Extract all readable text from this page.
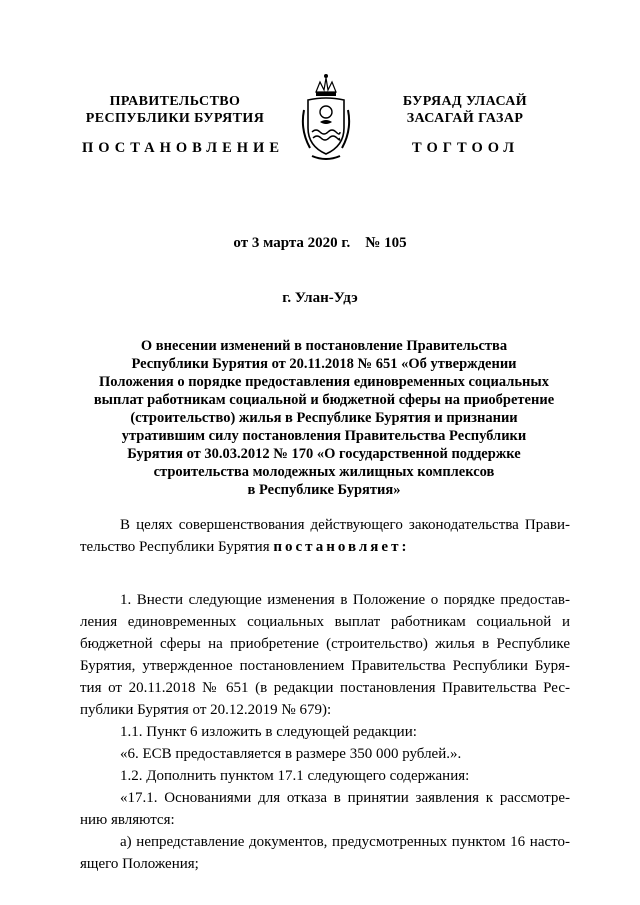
ПРАВИТЕЛЬСТВО
РЕСПУБЛИКИ БУРЯТИЯ
БУРЯАД УЛАСАЙ
ЗАСАГАЙ ГАЗАР
ПОСТАНОВЛЕНИЕ	ТОГТООЛ
от 3 марта 2020 г. № 105
г. Улан-Удэ
О внесении изменений в постановление Правительства
Республики Бурятия от 20.11.2018 № 651 «Об утверждении
Положения о порядке предоставления единовременных социальных
выплат работникам социальной и бюджетной сферы на приобретение
(строительство) жилья в Республике Бурятия и признании
утратившим силу постановления Правительства Республики
Бурятия от 30.03.2012 № 170 «О государственной поддержке
строительства молодежных жилищных комплексов
в Республике Бурятия»
В целях совершенствования действующего законодательства Прави-
тельство Республики Бурятия постановляет:
1. Внести следующие изменения в Положение о порядке предостав-
ления единовременных социальных выплат работникам социальной и
бюджетной сферы на приобретение (строительство) жилья в Республике
Бурятия, утвержденное постановлением Правительства Республики Буря-
тия от 20.11.2018 № 651 (в редакции постановления Правительства Рес-
публики Бурятия от 20.12.2019 № 679):
1.1. Пункт 6 изложить в следующей редакции:
«6. ЕСВ предоставляется в размере 350 000 рублей.».
1.2. Дополнить пунктом 17.1 следующего содержания:
«17.1. Основаниями для отказа в принятии заявления к рассмотре-
нию являются:
а) непредставление документов, предусмотренных пунктом 16 насто-
ящего Положения;
